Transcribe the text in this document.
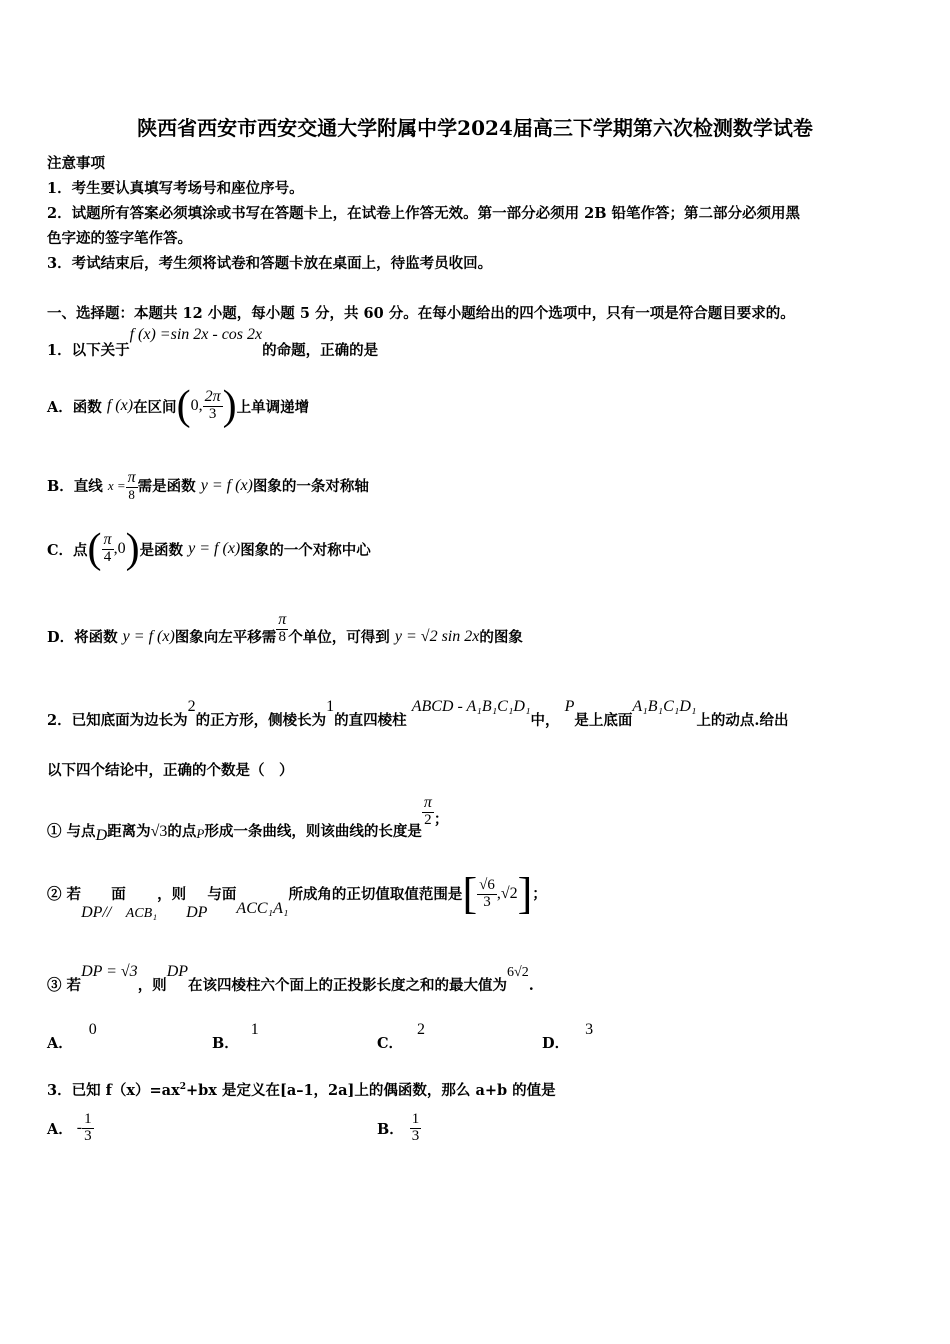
陕西省西安市西安交通大学附属中学2024届高三下学期第六次检测数学试卷
注意事项
1．考生要认真填写考场号和座位序号。
2．试题所有答案必须填涂或书写在答题卡上，在试卷上作答无效。第一部分必须用 2B 铅笔作答；第二部分必须用黑
色字迹的签字笔作答。
3．考试结束后，考生须将试卷和答题卡放在桌面上，待监考员收回。
一、选择题：本题共 12 小题，每小题 5 分，共 60 分。在每小题给出的四个选项中，只有一项是符合题目要求的。
1．以下关于f (x) =sin 2x - cos 2x的命题，正确的是
A．函数 f (x)在区间(0, $\frac{2\pi}{3}$ )上单调递增
B．直线 $x = \frac{\pi}{8}$ 需是函数 y = f (x)图象的一条对称轴
C．点( $\frac{\pi}{4} ,0$)是函数 y = f (x)图象的一个对称中心
D．将函数 y = f (x)图象向左平移需 $\frac{\pi}{8}$ 个单位，可得到 y = √2 sin 2x的图象
2．已知底面为边长为2的正方形，侧棱长为1的直四棱柱 ABCD - A₁B₁C₁D₁中， P是上底面A₁B₁C₁D₁上的动点.给出
以下四个结论中，正确的个数是（　）
① 与点D距离为√3的点$_P$形成一条曲线，则该曲线的长度是
$\frac{\pi}{2}$ ；
② 若DP//面ACB₁，则DP与面ACC₁A₁所成角的正切值取值范围是[ $\frac{√6}{3} ,√2$]；
③ 若DP = √3，则DP在该四棱柱六个面上的正投影长度之和的最大值为6√2.
A．0
B．1
C．2
D．3
3．已知 $f(x)=ax^2+bx$ 是定义在[a–1，2a]上的偶函数，那么 a+b 的值是
A． - $\frac{1}{3}$	B． $\frac{1}{3}$
